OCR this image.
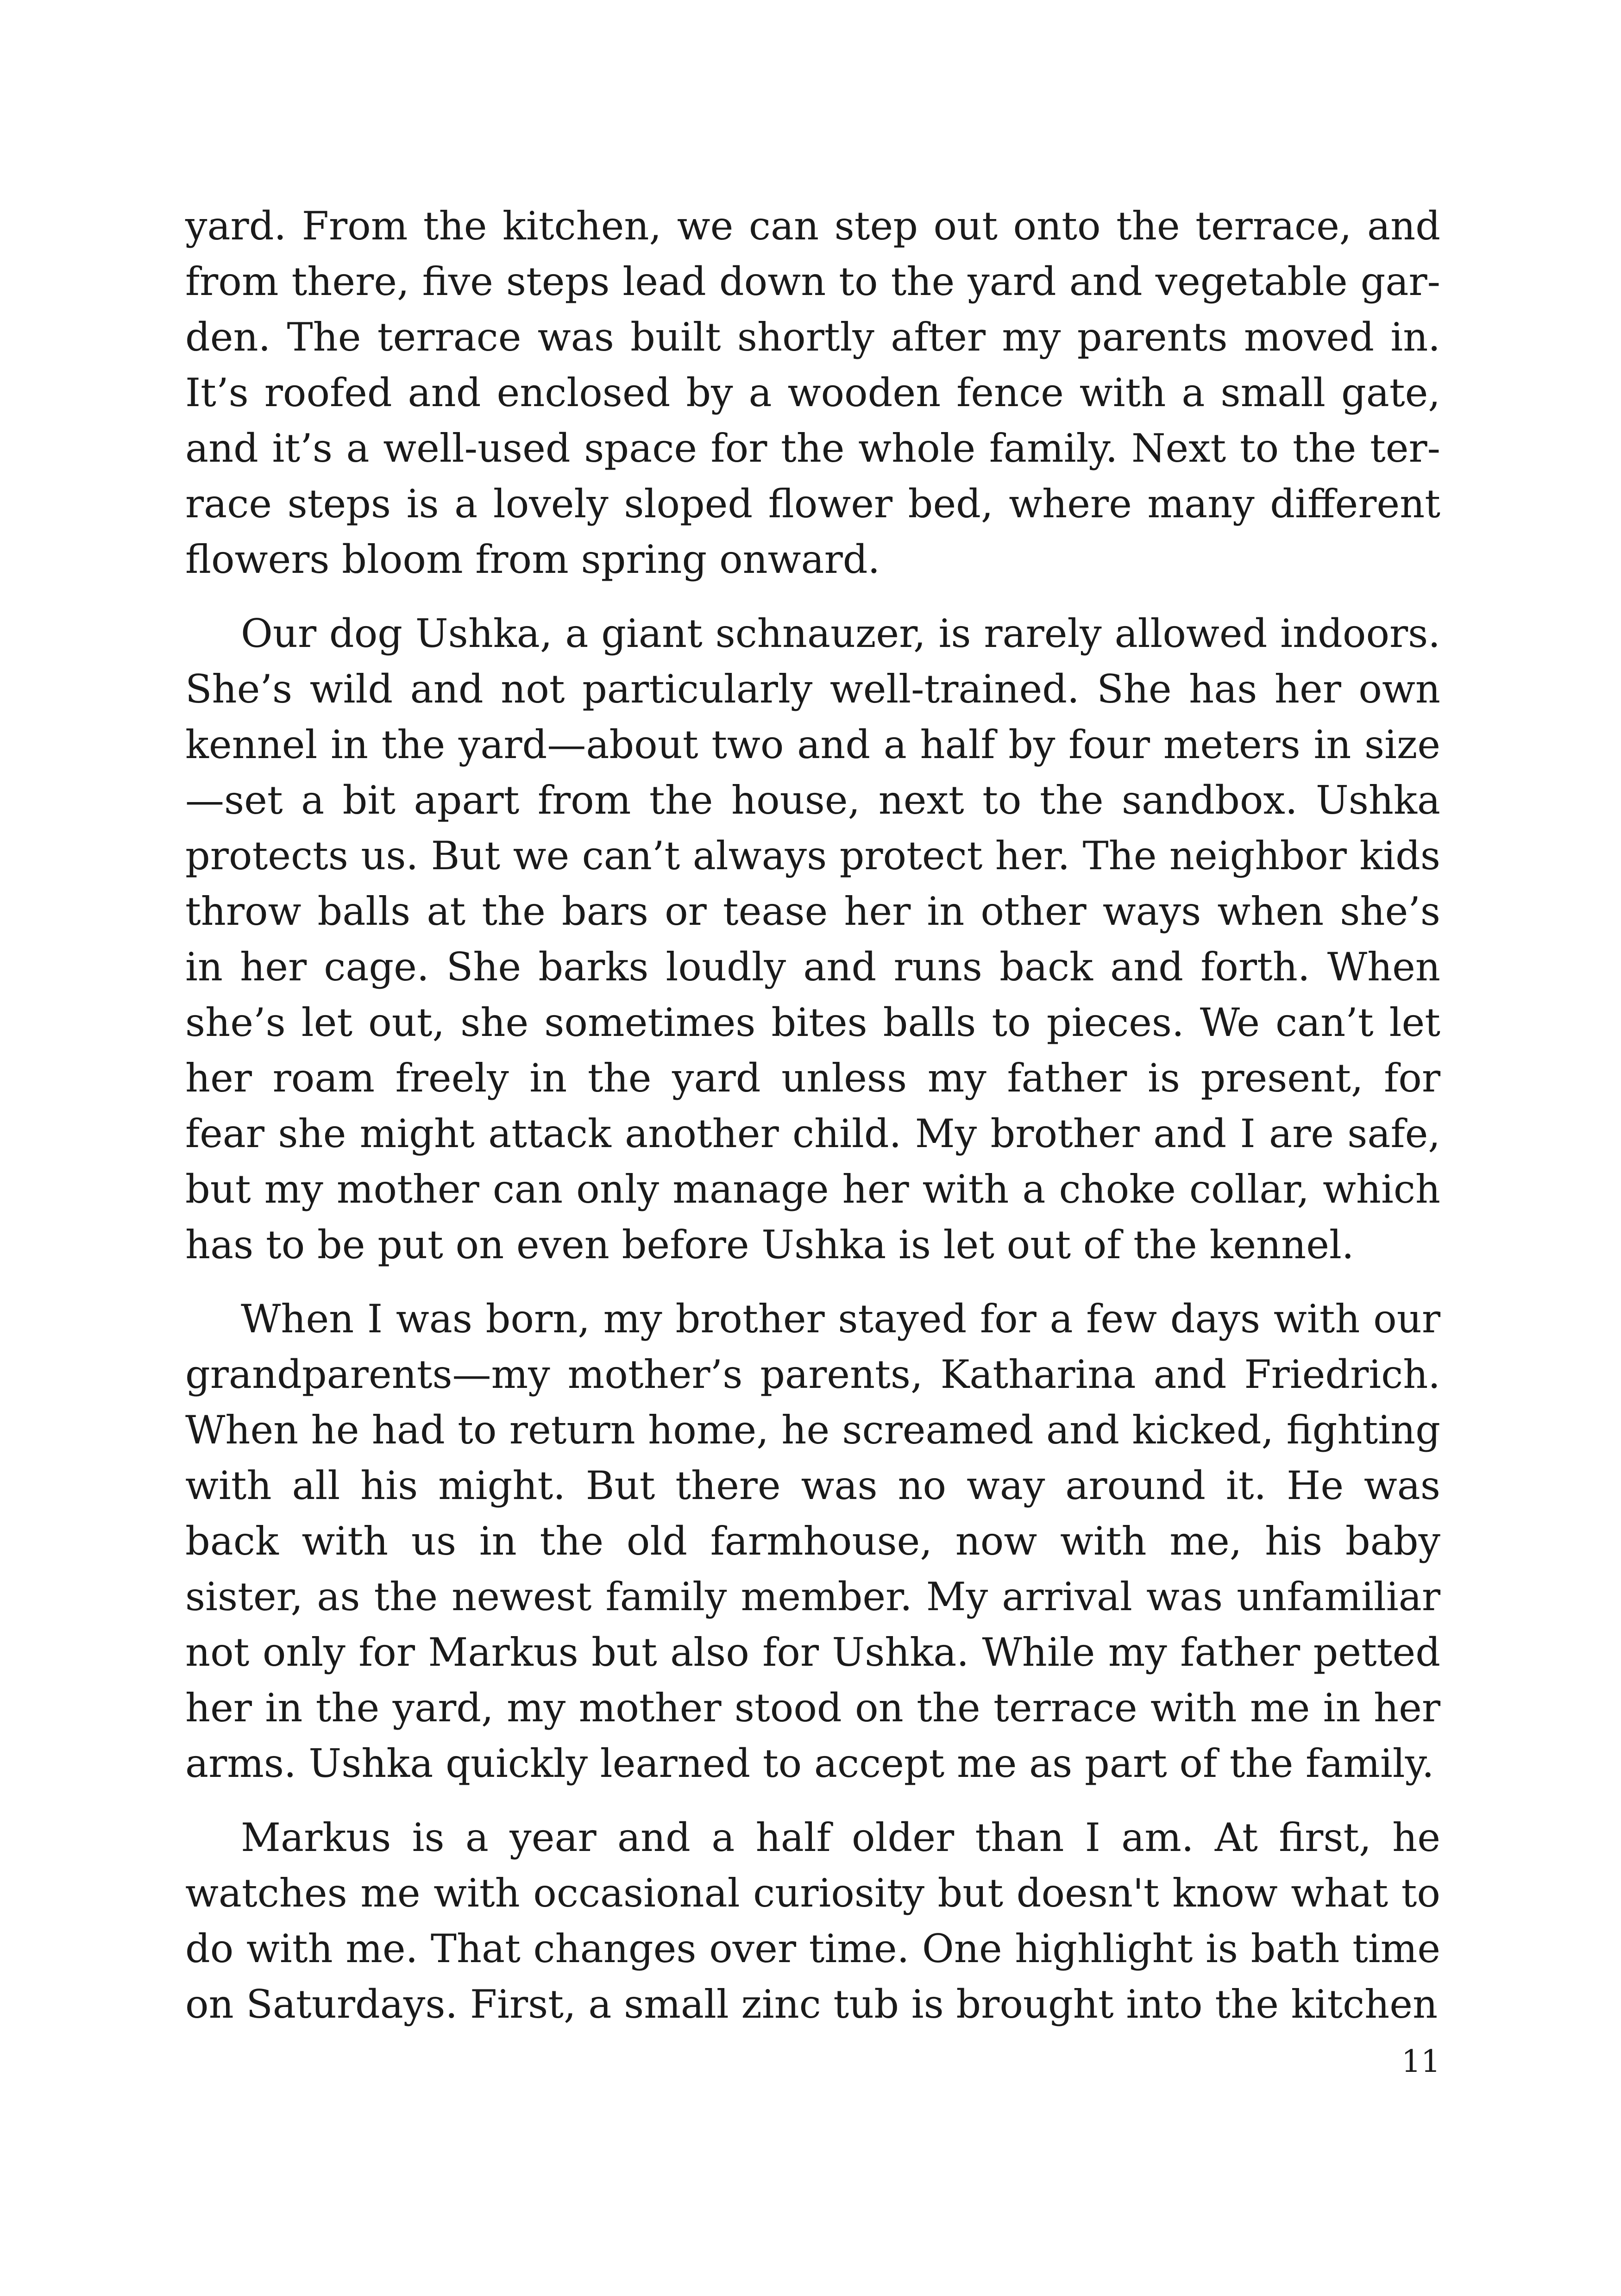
yard. From the kitchen, we can step out onto the terrace, and from there, five steps lead down to the yard and vegetable garden. The terrace was built shortly after my parents moved in. It’s roofed and enclosed by a wooden fence with a small gate, and it’s a well-used space for the whole family. Next to the terrace steps is a lovely sloped flower bed, where many different flowers bloom from spring onward.

Our dog Ushka, a giant schnauzer, is rarely allowed indoors. She’s wild and not particularly well-trained. She has her own kennel in the yard—about two and a half by four meters in size—set a bit apart from the house, next to the sandbox. Ushka protects us. But we can’t always protect her. The neighbor kids throw balls at the bars or tease her in other ways when she’s in her cage. She barks loudly and runs back and forth. When she’s let out, she sometimes bites balls to pieces. We can’t let her roam freely in the yard unless my father is present, for fear she might attack another child. My brother and I are safe, but my mother can only manage her with a choke collar, which has to be put on even before Ushka is let out of the kennel.

When I was born, my brother stayed for a few days with our grandparents—my mother’s parents, Katharina and Friedrich. When he had to return home, he screamed and kicked, fighting with all his might. But there was no way around it. He was back with us in the old farmhouse, now with me, his baby sister, as the newest family member. My arrival was unfamiliar not only for Markus but also for Ushka. While my father petted her in the yard, my mother stood on the terrace with me in her arms. Ushka quickly learned to accept me as part of the family.

Markus is a year and a half older than I am. At first, he watches me with occasional curiosity but doesn't know what to do with me. That changes over time. One highlight is bath time on Saturdays. First, a small zinc tub is brought into the kitchen

11
